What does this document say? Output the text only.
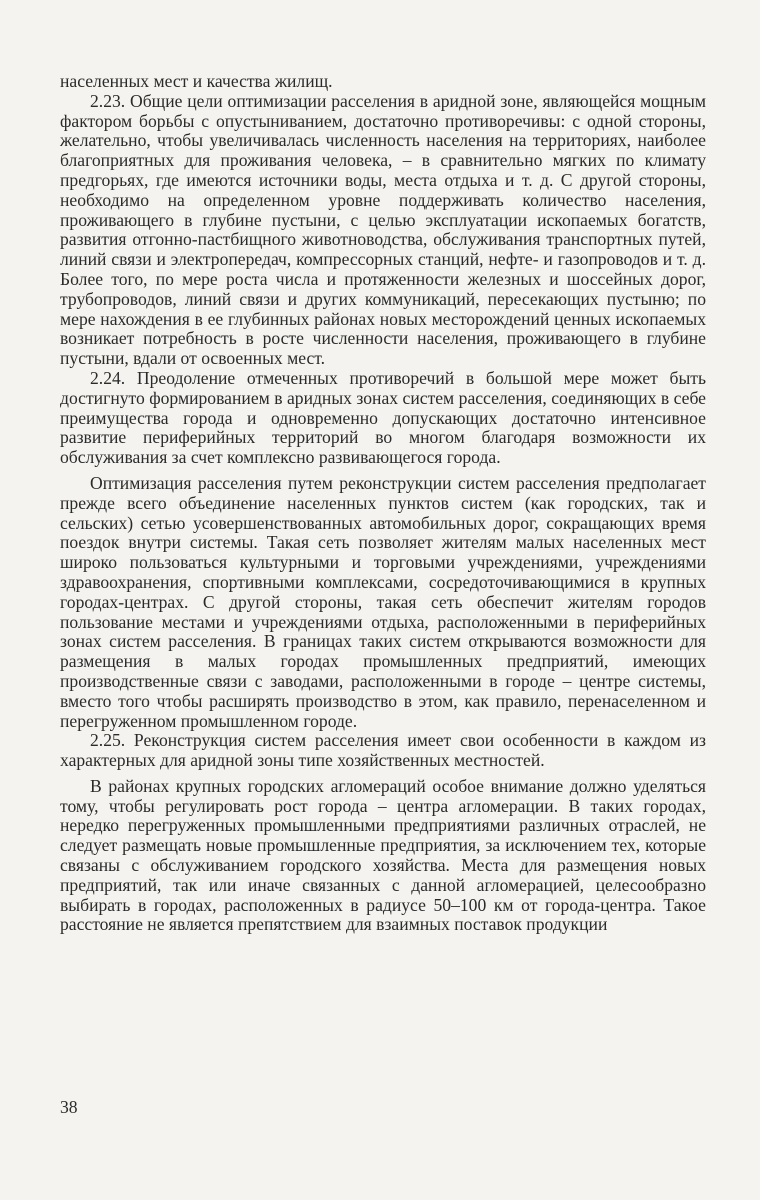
населенных мест и качества жилищ.

2.23. Общие цели оптимизации расселения в аридной зоне, являющейся мощным фактором борьбы с опустыниванием, достаточно противоречивы: с одной стороны, желательно, чтобы увеличивалась численность населения на территориях, наиболее благоприятных для проживания человека, – в сравнительно мягких по климату предгорьях, где имеются источники воды, места отдыха и т. д. С другой стороны, необходимо на определенном уровне поддерживать количество населения, проживающего в глубине пустыни, с целью эксплуатации ископаемых богатств, развития отгонно-пастбищного животноводства, обслуживания транспортных путей, линий связи и электропередач, компрессорных станций, нефте- и газопроводов и т. д. Более того, по мере роста числа и протяженности железных и шоссейных дорог, трубопроводов, линий связи и других коммуникаций, пересекающих пустыню; по мере нахождения в ее глубинных районах новых месторождений ценных ископаемых возникает потребность в росте численности населения, проживающего в глубине пустыни, вдали от освоенных мест.

2.24. Преодоление отмеченных противоречий в большой мере может быть достигнуто формированием в аридных зонах систем расселения, соединяющих в себе преимущества города и одновременно допускающих достаточно интенсивное развитие периферийных территорий во многом благодаря возможности их обслуживания за счет комплексно развивающегося города.

Оптимизация расселения путем реконструкции систем расселения предполагает прежде всего объединение населенных пунктов систем (как городских, так и сельских) сетью усовершенствованных автомобильных дорог, сокращающих время поездок внутри системы. Такая сеть позволяет жителям малых населенных мест широко пользоваться культурными и торговыми учреждениями, учреждениями здравоохранения, спортивными комплексами, сосредоточивающимися в крупных городах-центрах. С другой стороны, такая сеть обеспечит жителям городов пользование местами и учреждениями отдыха, расположенными в периферийных зонах систем расселения. В границах таких систем открываются возможности для размещения в малых городах промышленных предприятий, имеющих производственные связи с заводами, расположенными в городе – центре системы, вместо того чтобы расширять производство в этом, как правило, перенаселенном и перегруженном промышленном городе.

2.25. Реконструкция систем расселения имеет свои особенности в каждом из характерных для аридной зоны типе хозяйственных местностей.

В районах крупных городских агломераций особое внимание должно уделяться тому, чтобы регулировать рост города – центра агломерации. В таких городах, нередко перегруженных промышленными предприятиями различных отраслей, не следует размещать новые промышленные предприятия, за исключением тех, которые связаны с обслуживанием городского хозяйства. Места для размещения новых предприятий, так или иначе связанных с данной агломерацией, целесообразно выбирать в городах, расположенных в радиусе 50–100 км от города-центра. Такое расстояние не является препятствием для взаимных поставок продукции

38
